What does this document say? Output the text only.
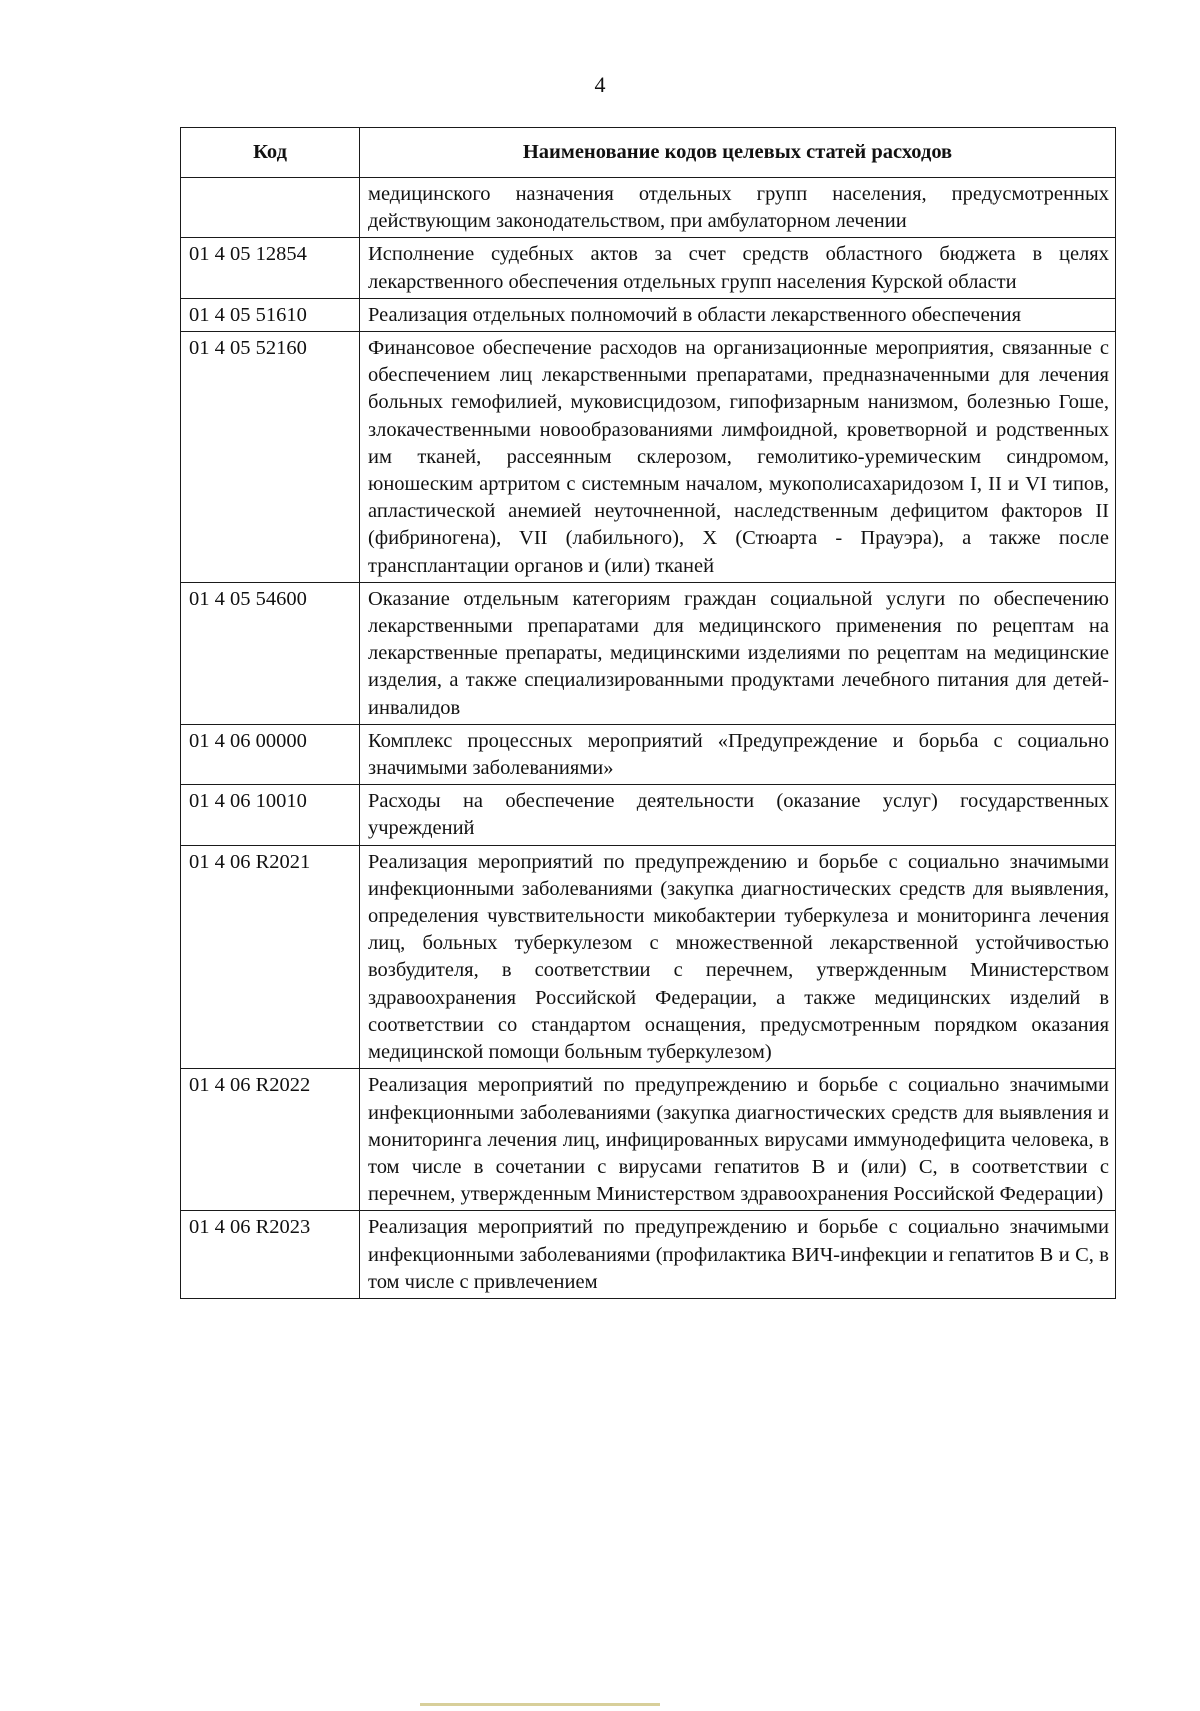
4
Код	Наименование кодов целевых статей расходов
	медицинского назначения отдельных групп населения, предусмотренных действующим законодательством, при амбулаторном лечении
01 4 05 12854	Исполнение судебных актов за счет средств областного бюджета в целях лекарственного обеспечения отдельных групп населения Курской области
01 4 05 51610	Реализация отдельных полномочий в области лекарственного обеспечения
01 4 05 52160	Финансовое обеспечение расходов на организационные мероприятия, связанные с обеспечением лиц лекарственными препаратами, предназначенными для лечения больных гемофилией, муковисцидозом, гипофизарным нанизмом, болезнью Гоше, злокачественными новообразованиями лимфоидной, кроветворной и родственных им тканей, рассеянным склерозом, гемолитико-уремическим синдромом, юношеским артритом с системным началом, мукополисахаридозом I, II и VI типов, апластической анемией неуточненной, наследственным дефицитом факторов II (фибриногена), VII (лабильного), X (Стюарта - Прауэра), а также после трансплантации органов и (или) тканей
01 4 05 54600	Оказание отдельным категориям граждан социальной услуги по обеспечению лекарственными препаратами для медицинского применения по рецептам на лекарственные препараты, медицинскими изделиями по рецептам на медицинские изделия, а также специализированными продуктами лечебного питания для детей-инвалидов
01 4 06 00000	Комплекс процессных мероприятий «Предупреждение и борьба с социально значимыми заболеваниями»
01 4 06 10010	Расходы на обеспечение деятельности (оказание услуг) государственных учреждений
01 4 06 R2021	Реализация мероприятий по предупреждению и борьбе с социально значимыми инфекционными заболеваниями (закупка диагностических средств для выявления, определения чувствительности микобактерии туберкулеза и мониторинга лечения лиц, больных туберкулезом с множественной лекарственной устойчивостью возбудителя, в соответствии с перечнем, утвержденным Министерством здравоохранения Российской Федерации, а также медицинских изделий в соответствии со стандартом оснащения, предусмотренным порядком оказания медицинской помощи больным туберкулезом)
01 4 06 R2022	Реализация мероприятий по предупреждению и борьбе с социально значимыми инфекционными заболеваниями (закупка диагностических средств для выявления и мониторинга лечения лиц, инфицированных вирусами иммунодефицита человека, в том числе в сочетании с вирусами гепатитов B и (или) C, в соответствии с перечнем, утвержденным Министерством здравоохранения Российской Федерации)
01 4 06 R2023	Реализация мероприятий по предупреждению и борьбе с социально значимыми инфекционными заболеваниями (профилактика ВИЧ-инфекции и гепатитов B и C, в том числе с привлечением
